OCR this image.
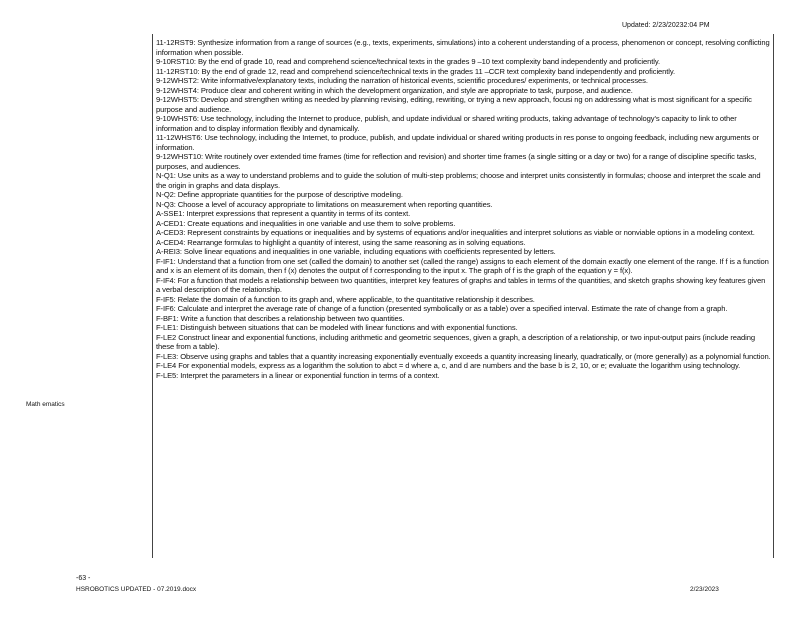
Updated: 2/23/20232:04 PM
Math ematics

11-12RST9: Synthesize information from a range of sources (e.g., texts, experiments, simulations) into a coherent understanding of a process, phenomenon or concept, resolving conflicting information when possible.

9-10RST10: By the end of grade 10, read and comprehend science/technical texts in the grades 9 –10 text complexity band independently and proficiently.

11-12RST10: By the end of grade 12, read and comprehend science/technical texts in the grades 11 –CCR text complexity band independently and proficiently.

9-12WHST2: Write informative/explanatory texts, including the narration of historical events, scientific procedures/ experiments, or technical processes.

9-12WHST4: Produce clear and coherent writing in which the development organization, and style are appropriate to task, purpose, and audience.

9-12WHST5: Develop and strengthen writing as needed by planning revising, editing, rewriting, or trying a new approach, focusi ng on addressing what is most significant for a specific purpose and audience.

9-10WHST6: Use technology, including the Internet to produce, publish, and update individual or shared writing products, taking advantage of technology's capacity to link to other information and to display information flexibly and dynamically.

11-12WHST6: Use technology, including the Internet, to produce, publish, and update individual or shared writing products in res ponse to ongoing feedback, including new arguments or information.

9-12WHST10: Write routinely over extended time frames (time for reflection and revision) and shorter time frames (a single sitting or a day or two) for a range of discipline specific tasks, purposes, and audiences.

N-Q1: Use units as a way to understand problems and to guide the solution of multi-step problems; choose and interpret units consistently in formulas; choose and interpret the scale and the origin in graphs and data displays.

N-Q2: Define appropriate quantities for the purpose of descriptive modeling.

N-Q3: Choose a level of accuracy appropriate to limitations on measurement when reporting quantities.

A-SSE1: Interpret expressions that represent a quantity in terms of its context.

A-CED1: Create equations and inequalities in one variable and use them to solve problems.

A-CED3: Represent constraints by equations or inequalities and by systems of equations and/or inequalities and interpret solutions as viable or nonviable options in a modeling context.

A-CED4: Rearrange formulas to highlight a quantity of interest, using the same reasoning as in solving equations.

A-REI3: Solve linear equations and inequalities in one variable, including equations with coefficients represented by letters.

F-IF1: Understand that a function from one set (called the domain) to another set (called the range) assigns to each element of the domain exactly one element of the range. If f is a function and x is an element of its domain, then f (x) denotes the output of f corresponding to the input x. The graph of f is the graph of the equation y = f(x).

F-IF4: For a function that models a relationship between two quantities, interpret key features of graphs and tables in terms of the quantities, and sketch graphs showing key features given a verbal description of the relationship.

F-IF5: Relate the domain of a function to its graph and, where applicable, to the quantitative relationship it describes.

F-IF6: Calculate and interpret the average rate of change of a function (presented symbolically or as a table) over a specified interval. Estimate the rate of change from a graph.

F-BF1: Write a function that describes a relationship between two quantities.

F-LE1: Distinguish between situations that can be modeled with linear functions and with exponential functions.

F-LE2 Construct linear and exponential functions, including arithmetic and geometric sequences, given a graph, a description of a relationship, or two input-output pairs (include reading these from a table).

F-LE3: Observe using graphs and tables that a quantity increasing exponentially eventually exceeds a quantity increasing linearly, quadratically, or (more generally) as a polynomial function.

F-LE4 For exponential models, express as a logarithm the solution to abct = d where a, c, and d are numbers and the base b is 2, 10, or e; evaluate the logarithm using technology.

F-LE5: Interpret the parameters in a linear or exponential function in terms of a context.

-63 -
HSROBOTICS UPDATED - 07.2019.docx	2/23/2023
